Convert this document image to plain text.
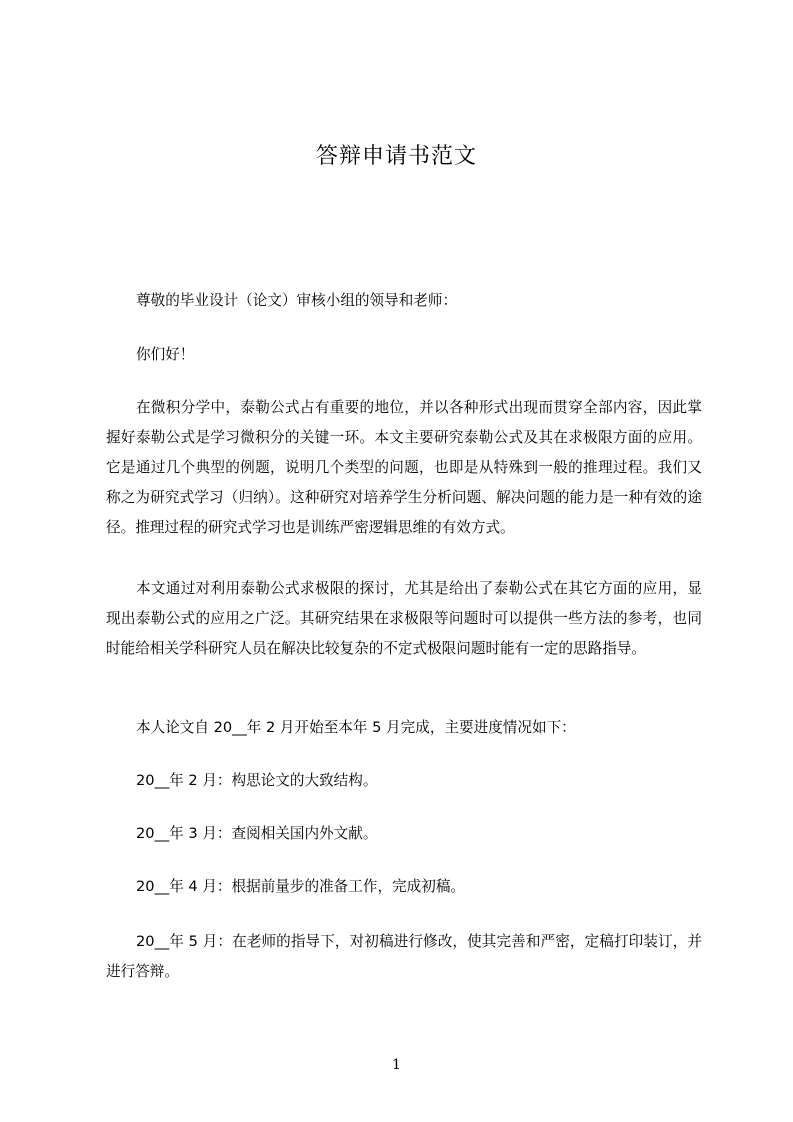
答辩申请书范文

尊敬的毕业设计（论文）审核小组的领导和老师：

你们好！

在微积分学中，泰勒公式占有重要的地位，并以各种形式出现而贯穿全部内容，因此掌握好泰勒公式是学习微积分的关键一环。本文主要研究泰勒公式及其在求极限方面的应用。它是通过几个典型的例题，说明几个类型的问题，也即是从特殊到一般的推理过程。我们又称之为研究式学习（归纳）。这种研究对培养学生分析问题、解决问题的能力是一种有效的途径。推理过程的研究式学习也是训练严密逻辑思维的有效方式。

本文通过对利用泰勒公式求极限的探讨，尤其是给出了泰勒公式在其它方面的应用，显现出泰勒公式的应用之广泛。其研究结果在求极限等问题时可以提供一些方法的参考，也同时能给相关学科研究人员在解决比较复杂的不定式极限问题时能有一定的思路指导。

本人论文自 20__年 2 月开始至本年 5 月完成，主要进度情况如下：

20__年 2 月：构思论文的大致结构。

20__年 3 月：查阅相关国内外文献。

20__年 4 月：根据前量步的准备工作，完成初稿。

20__年 5 月：在老师的指导下，对初稿进行修改，使其完善和严密，定稿打印装订，并进行答辩。

1
